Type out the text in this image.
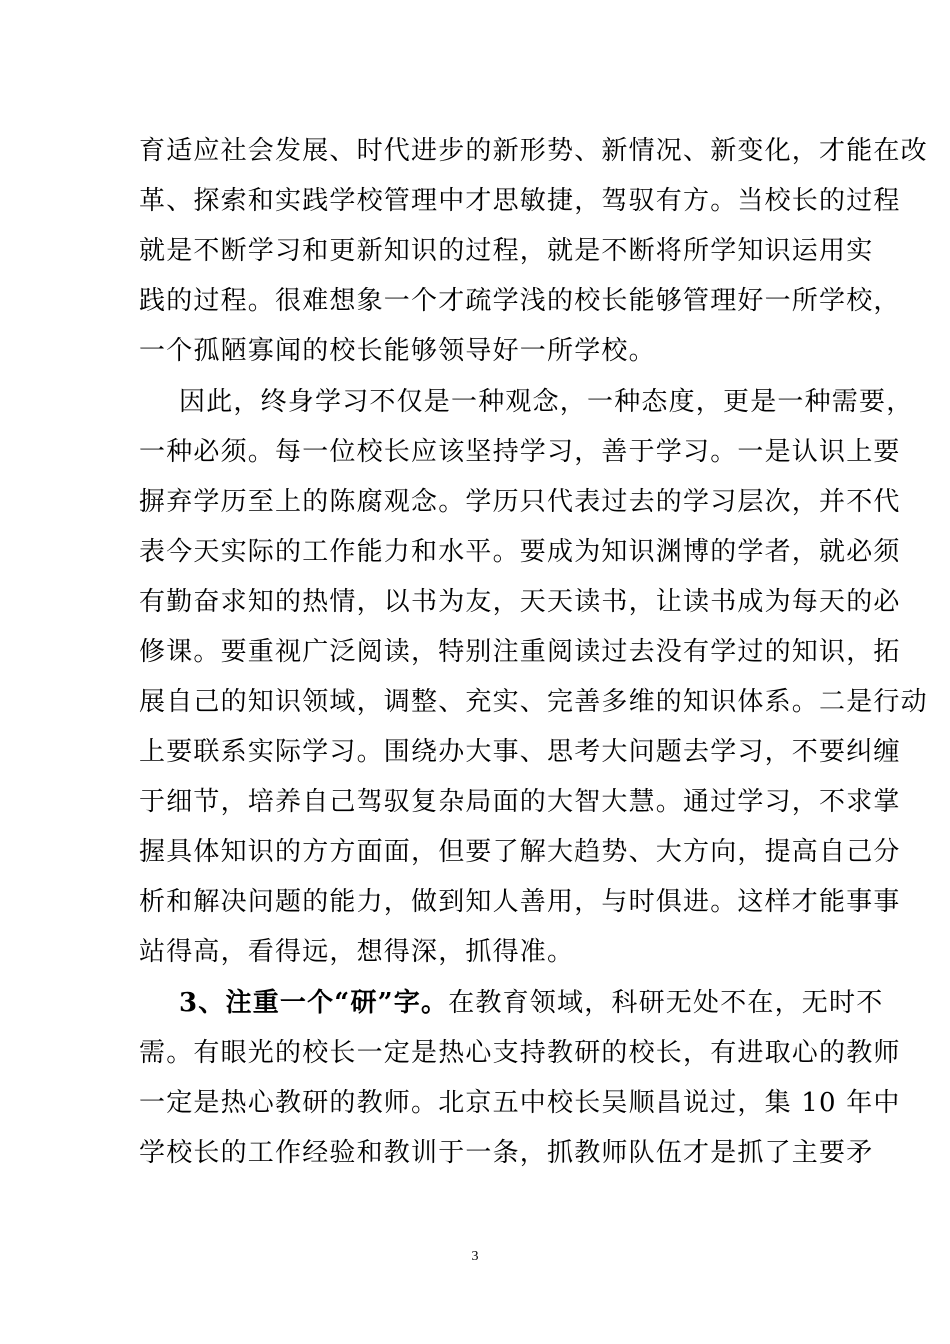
育适应社会发展、时代进步的新形势、新情况、新变化，才能在改
革、探索和实践学校管理中才思敏捷，驾驭有方。当校长的过程
就是不断学习和更新知识的过程，就是不断将所学知识运用实
践的过程。很难想象一个才疏学浅的校长能够管理好一所学校，
一个孤陋寡闻的校长能够领导好一所学校。
因此，终身学习不仅是一种观念，一种态度，更是一种需要，
一种必须。每一位校长应该坚持学习，善于学习。一是认识上要
摒弃学历至上的陈腐观念。学历只代表过去的学习层次，并不代
表今天实际的工作能力和水平。要成为知识渊博的学者，就必须
有勤奋求知的热情，以书为友，天天读书，让读书成为每天的必
修课。要重视广泛阅读，特别注重阅读过去没有学过的知识，拓
展自己的知识领域，调整、充实、完善多维的知识体系。二是行动
上要联系实际学习。围绕办大事、思考大问题去学习，不要纠缠
于细节，培养自己驾驭复杂局面的大智大慧。通过学习，不求掌
握具体知识的方方面面，但要了解大趋势、大方向，提高自己分
析和解决问题的能力，做到知人善用，与时俱进。这样才能事事
站得高，看得远，想得深，抓得准。
3、注重一个“研”字。在教育领域，科研无处不在，无时不
需。有眼光的校长一定是热心支持教研的校长，有进取心的教师
一定是热心教研的教师。北京五中校长吴顺昌说过，集 10 年中
学校长的工作经验和教训于一条，抓教师队伍才是抓了主要矛
3
